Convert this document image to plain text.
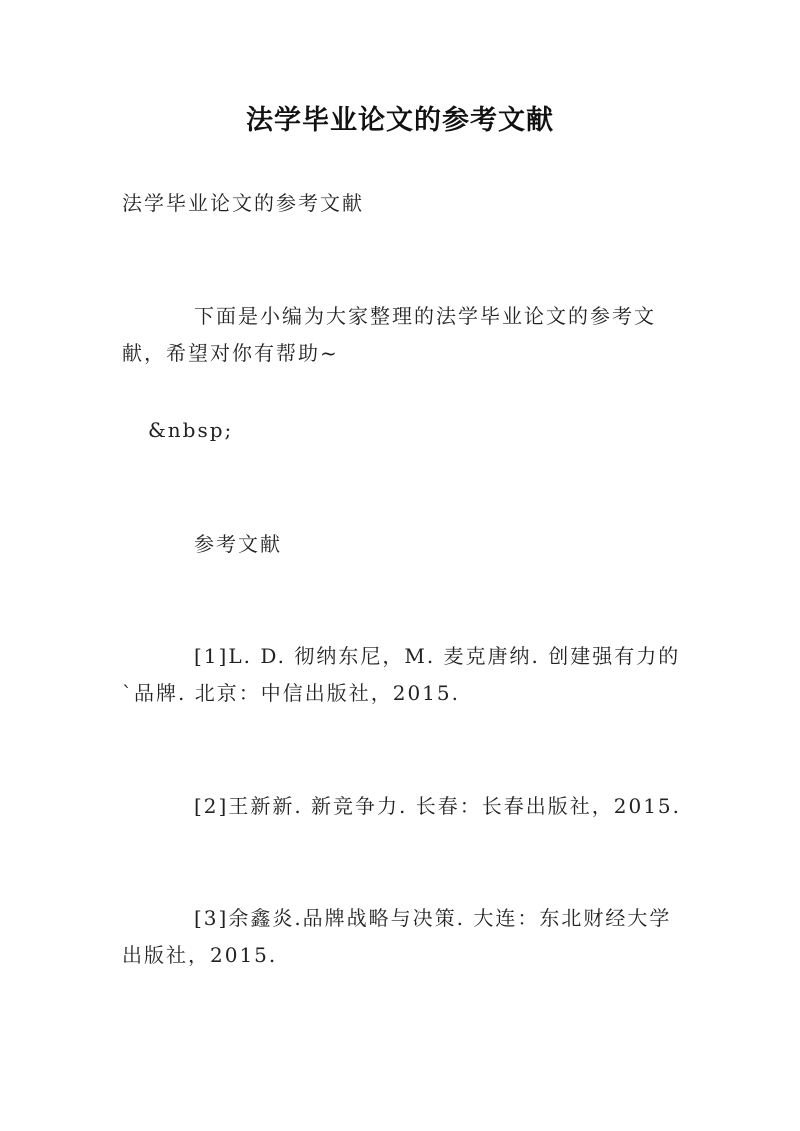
法学毕业论文的参考文献
法学毕业论文的参考文献
下面是小编为大家整理的法学毕业论文的参考文献，希望对你有帮助~
&nbsp;
参考文献
[1]L. D. 彻纳东尼，M. 麦克唐纳. 创建强有力的`品牌. 北京：中信出版社，2015.
[2]王新新. 新竞争力. 长春：长春出版社，2015.
[3]余鑫炎.品牌战略与决策. 大连：东北财经大学出版社，2015.
